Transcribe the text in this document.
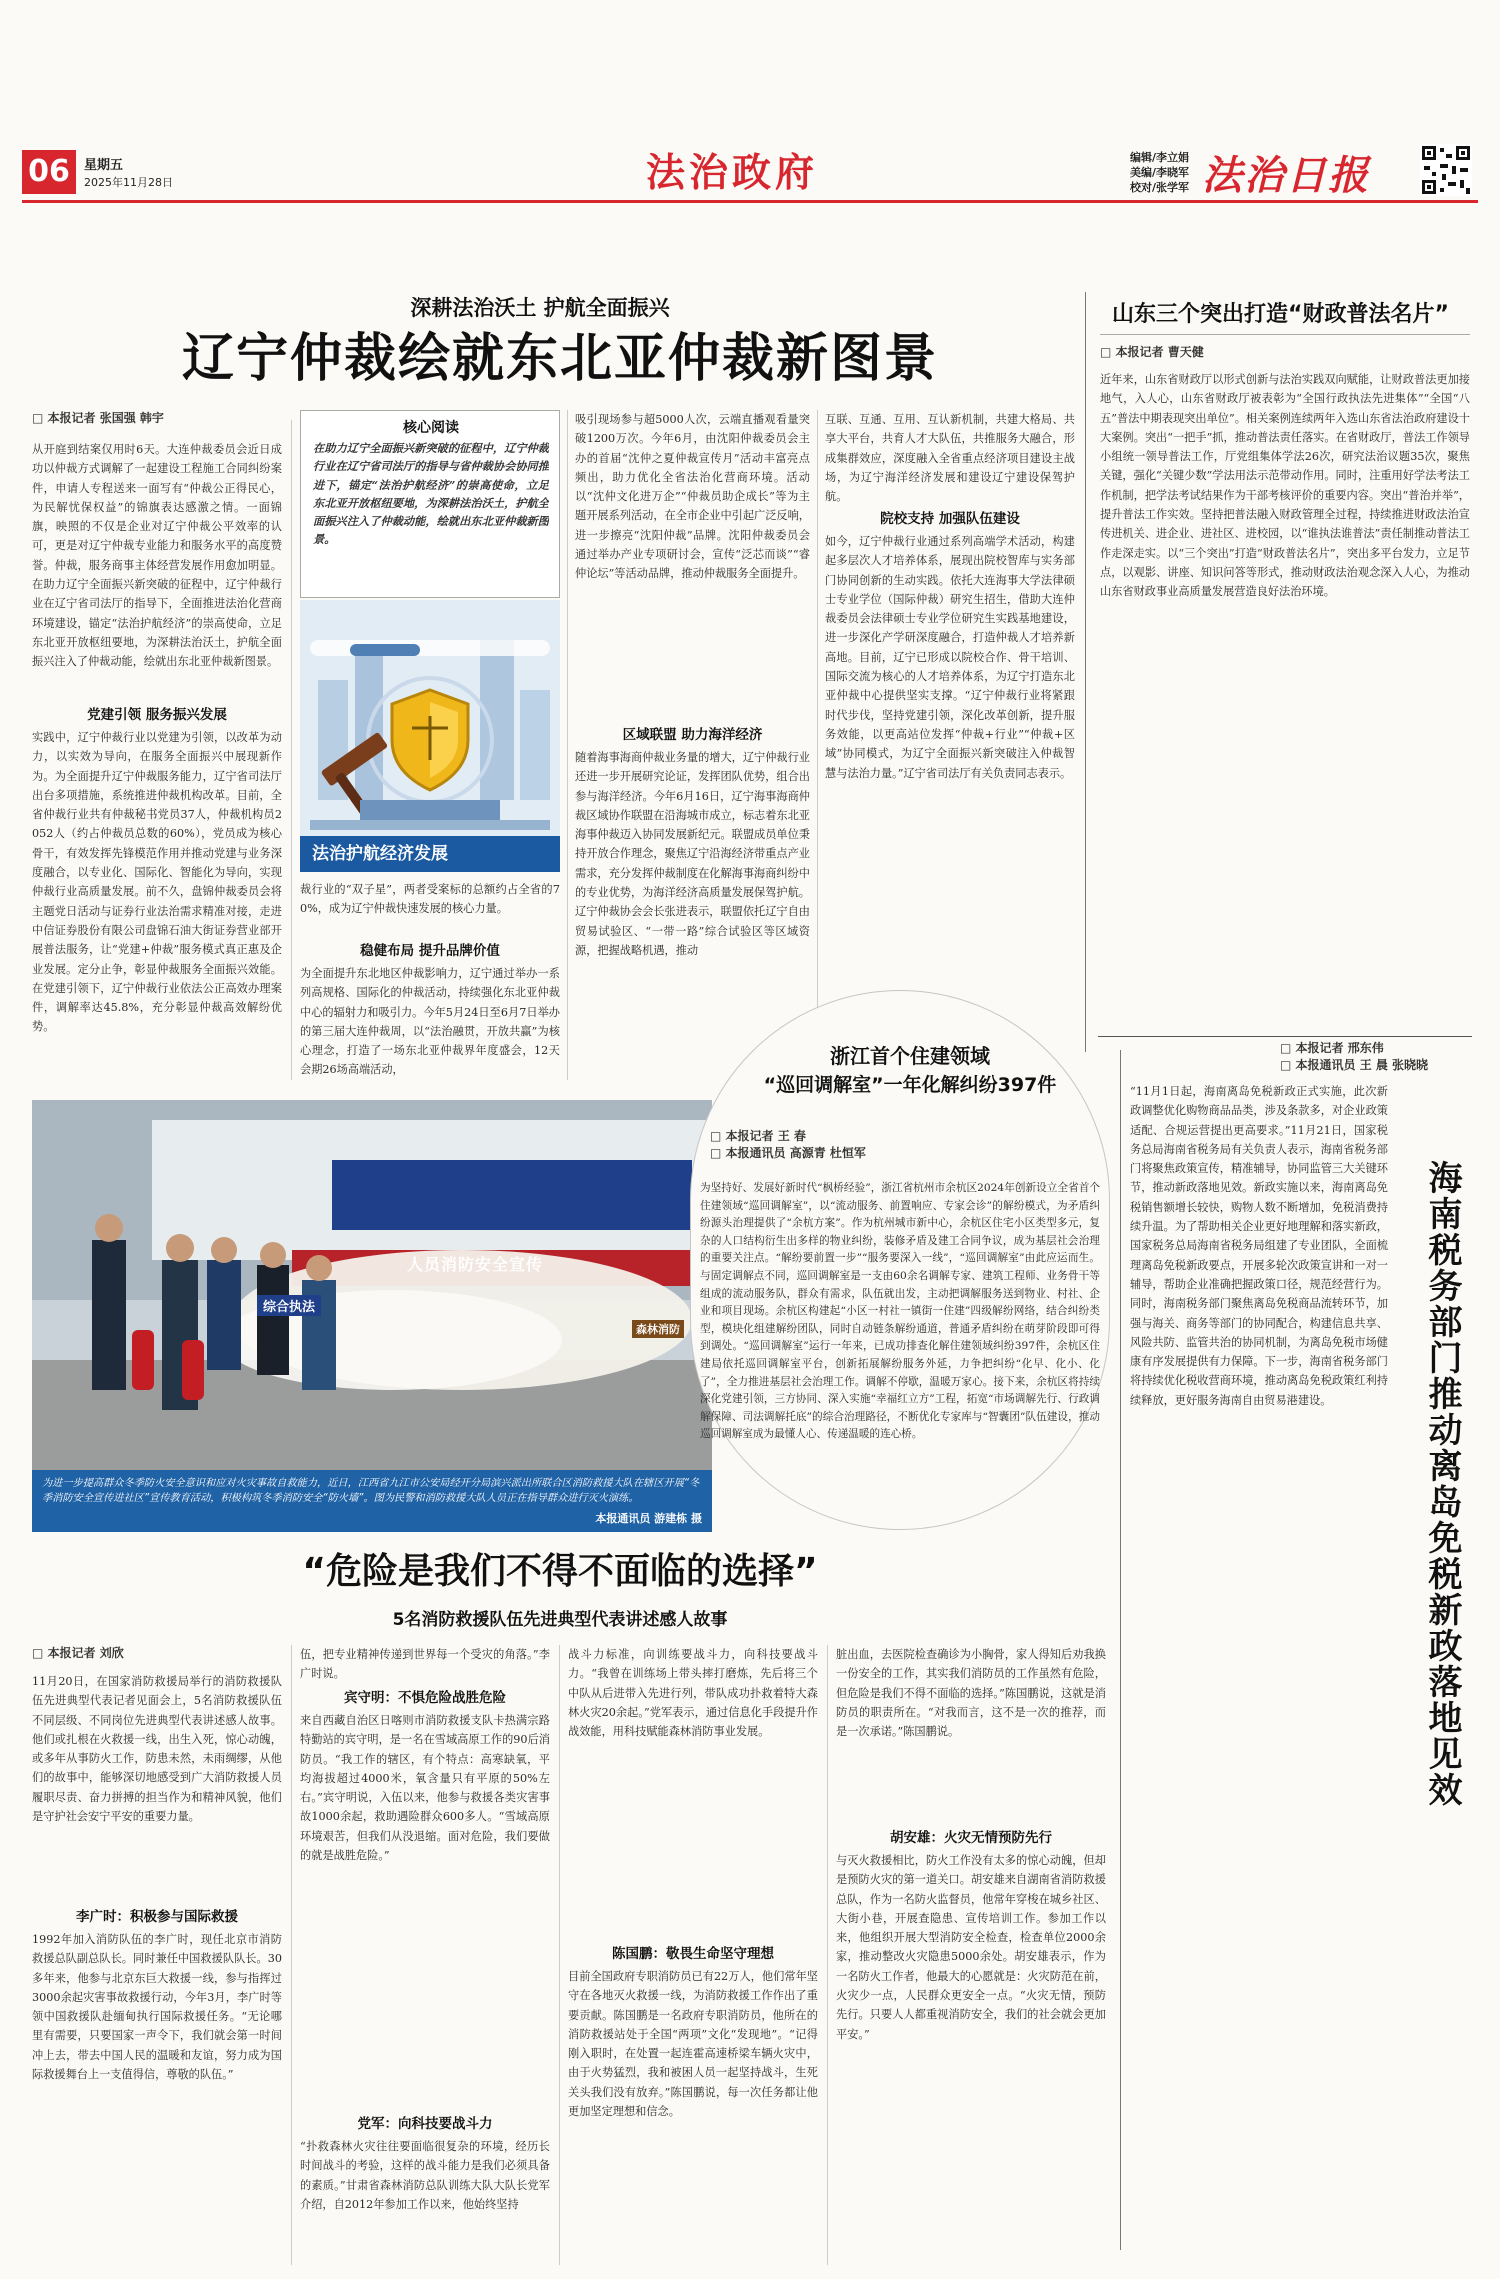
06	星期五
2025年11月28日	法治政府	编辑/李立娟
美编/李晓军
校对/张学军 法治日报
深耕法治沃土 护航全面振兴
辽宁仲裁绘就东北亚仲裁新图景
□ 本报记者 张国强 韩宇
从开庭到结案仅用时6天。大连仲裁委员会近日成功以仲裁方式调解了一起建设工程施工合同纠纷案件，申请人专程送来一面写有“仲裁公正得民心，为民解忧保权益”的锦旗表达感激之情。一面锦旗，映照的不仅是企业对辽宁仲裁公平效率的认可，更是对辽宁仲裁专业能力和服务水平的高度赞誉。仲裁，服务商事主体经营发展作用愈加明显。在助力辽宁全面振兴新突破的征程中，辽宁仲裁行业在辽宁省司法厅的指导下，全面推进法治化营商环境建设，锚定“法治护航经济”的崇高使命，立足东北亚开放枢纽要地，为深耕法治沃土，护航全面振兴注入了仲裁动能，绘就出东北亚仲裁新图景。
党建引领 服务振兴发展
实践中，辽宁仲裁行业以党建为引领，以改革为动力，以实效为导向，在服务全面振兴中展现新作为。为全面提升辽宁仲裁服务能力，辽宁省司法厅出台多项措施，系统推进仲裁机构改革。目前，全省仲裁行业共有仲裁秘书党员37人，仲裁机构员2052人（约占仲裁员总数的60%），党员成为核心骨干，有效发挥先锋模范作用并推动党建与业务深度融合，以专业化、国际化、智能化为导向，实现仲裁行业高质量发展。前不久，盘锦仲裁委员会将主题党日活动与证券行业法治需求精准对接，走进中信证券股份有限公司盘锦石油大街证券营业部开展普法服务，让“党建+仲裁”服务模式真正惠及企业发展。定分止争，彰显仲裁服务全面振兴效能。在党建引领下，辽宁仲裁行业依法公正高效办理案件，调解率达45.8%，充分彰显仲裁高效解纷优势。
核心阅读
在助力辽宁全面振兴新突破的征程中，辽宁仲裁行业在辽宁省司法厅的指导与省仲裁协会协同推进下，锚定“法治护航经济”的崇高使命，立足东北亚开放枢纽要地，为深耕法治沃土，护航全面振兴注入了仲裁动能，绘就出东北亚仲裁新图景。
法治护航经济发展
裁行业的“双子星”，两者受案标的总额约占全省的70%，成为辽宁仲裁快速发展的核心力量。
稳健布局 提升品牌价值
为全面提升东北地区仲裁影响力，辽宁通过举办一系列高规格、国际化的仲裁活动，持续强化东北亚仲裁中心的辐射力和吸引力。今年5月24日至6月7日举办的第三届大连仲裁周，以“法治融贯，开放共赢”为核心理念，打造了一场东北亚仲裁界年度盛会，12天会期26场高端活动，
吸引现场参与超5000人次，云端直播观看量突破1200万次。今年6月，由沈阳仲裁委员会主办的首届“沈仲之夏仲裁宣传月”活动丰富亮点频出，助力优化全省法治化营商环境。活动以“沈仲文化进万企”“仲裁员助企成长”等为主题开展系列活动，在全市企业中引起广泛反响，进一步擦亮“沈阳仲裁”品牌。沈阳仲裁委员会通过举办产业专项研讨会，宣传“泛芯而谈”“睿仲论坛”等活动品牌，推动仲裁服务全面提升。
区域联盟 助力海洋经济
随着海事海商仲裁业务量的增大，辽宁仲裁行业还进一步开展研究论证，发挥团队优势，组合出参与海洋经济。今年6月16日，辽宁海事海商仲裁区域协作联盟在沿海城市成立，标志着东北亚海事仲裁迈入协同发展新纪元。联盟成员单位秉持开放合作理念，聚焦辽宁沿海经济带重点产业需求，充分发挥仲裁制度在化解海事海商纠纷中的专业优势，为海洋经济高质量发展保驾护航。辽宁仲裁协会会长张进表示，联盟依托辽宁自由贸易试验区、“一带一路”综合试验区等区域资源，把握战略机遇，推动
互联、互通、互用、互认新机制，共建大格局、共享大平台，共育人才大队伍，共推服务大融合，形成集群效应，深度融入全省重点经济项目建设主战场，为辽宁海洋经济发展和建设辽宁建设保驾护航。
院校支持 加强队伍建设
如今，辽宁仲裁行业通过系列高端学术活动，构建起多层次人才培养体系，展现出院校智库与实务部门协同创新的生动实践。依托大连海事大学法律硕士专业学位（国际仲裁）研究生招生，借助大连仲裁委员会法律硕士专业学位研究生实践基地建设，进一步深化产学研深度融合，打造仲裁人才培养新高地。目前，辽宁已形成以院校合作、骨干培训、国际交流为核心的人才培养体系，为辽宁打造东北亚仲裁中心提供坚实支撑。“辽宁仲裁行业将紧跟时代步伐，坚持党建引领，深化改革创新，提升服务效能，以更高站位发挥“仲裁+行业”“仲裁+区域”协同模式，为辽宁全面振兴新突破注入仲裁智慧与法治力量。”辽宁省司法厅有关负责同志表示。
山东三个突出打造“财政普法名片”
□ 本报记者 曹天健
近年来，山东省财政厅以形式创新与法治实践双向赋能，让财政普法更加接地气，入人心，山东省财政厅被表彰为“全国行政执法先进集体”“全国“八五”普法中期表现突出单位”。相关案例连续两年入选山东省法治政府建设十大案例。突出“一把手”抓，推动普法责任落实。在省财政厅，普法工作领导小组统一领导普法工作，厅党组集体学法26次，研究法治议题35次，聚焦关键，强化“关键少数”学法用法示范带动作用。同时，注重用好学法考法工作机制，把学法考试结果作为干部考核评价的重要内容。突出“普治并举”，提升普法工作实效。坚持把普法融入财政管理全过程，持续推进财政法治宣传进机关、进企业、进社区、进校园，以“谁执法谁普法”责任制推动普法工作走深走实。以“三个突出”打造“财政普法名片”，突出多平台发力，立足节点，以观影、讲座、知识问答等形式，推动财政法治观念深入人心，为推动山东省财政事业高质量发展营造良好法治环境。
综合执法
人员消防安全宣传
森林消防
为进一步提高群众冬季防火安全意识和应对火灾事故自救能力，近日，江西省九江市公安局经开分局滨兴派出所联合区消防救援大队在辖区开展“冬季消防安全宣传进社区”宣传教育活动，积极构筑冬季消防安全“防火墙”。图为民警和消防救援大队人员正在指导群众进行灭火演练。
本报通讯员 游建栋 摄
浙江首个住建领域
“巡回调解室”一年化解纠纷397件
□ 本报记者 王 春
□ 本报通讯员 高源青 杜恒军
为坚持好、发展好新时代“枫桥经验”，浙江省杭州市余杭区2024年创新设立全省首个住建领域“巡回调解室”，以“流动服务、前置响应、专家会诊”的解纷模式，为矛盾纠纷源头治理提供了“余杭方案”。作为杭州城市新中心，余杭区住宅小区类型多元，复杂的人口结构衍生出多样的物业纠纷，装修矛盾及建工合同争议，成为基层社会治理的重要关注点。“解纷要前置一步”“服务要深入一线”，“巡回调解室”由此应运而生。与固定调解点不同，巡回调解室是一支由60余名调解专家、建筑工程师、业务骨干等组成的流动服务队，群众有需求，队伍就出发，主动把调解服务送到物业、村社、企业和项目现场。余杭区构建起“小区一村社一镇街一住建”四级解纷网络，结合纠纷类型，模块化组建解纷团队，同时自动链条解纷通道，普通矛盾纠纷在萌芽阶段即可得到调处。“巡回调解室”运行一年来，已成功排查化解住建领域纠纷397件，余杭区住建局依托巡回调解室平台，创新拓展解纷服务外延，力争把纠纷“化早、化小、化了”，全力推进基层社会治理工作。调解不停歇，温暖万家心。接下来，余杭区将持续深化党建引领，三方协同、深入实施“幸福红立方”工程，拓宽“市场调解先行、行政调解保障、司法调解托底”的综合治理路径，不断优化专家库与“智囊团”队伍建设，推动巡回调解室成为最懂人心、传递温暖的连心桥。
□ 本报记者 邢东伟
□ 本报通讯员 王 晨 张晓晓
海南税务部门推动离岛免税新政落地见效
“11月1日起，海南离岛免税新政正式实施，此次新政调整优化购物商品品类，涉及条款多，对企业政策适配、合规运营提出更高要求。”11月21日，国家税务总局海南省税务局有关负责人表示，海南省税务部门将聚焦政策宣传，精准辅导，协同监管三大关键环节，推动新政落地见效。新政实施以来，海南离岛免税销售额增长较快，购物人数不断增加，免税消费持续升温。为了帮助相关企业更好地理解和落实新政，国家税务总局海南省税务局组建了专业团队，全面梳理离岛免税新政要点，开展多轮次政策宣讲和一对一辅导，帮助企业准确把握政策口径，规范经营行为。同时，海南税务部门聚焦离岛免税商品流转环节，加强与海关、商务等部门的协同配合，构建信息共享、风险共防、监管共治的协同机制，为离岛免税市场健康有序发展提供有力保障。下一步，海南省税务部门将持续优化税收营商环境，推动离岛免税政策红利持续释放，更好服务海南自由贸易港建设。
“危险是我们不得不面临的选择”
5名消防救援队伍先进典型代表讲述感人故事
□ 本报记者 刘欣
11月20日，在国家消防救援局举行的消防救援队伍先进典型代表记者见面会上，5名消防救援队伍不同层级、不同岗位先进典型代表讲述感人故事。他们或扎根在火救援一线，出生入死，惊心动魄，或多年从事防火工作，防患未然，未雨绸缪，从他们的故事中，能够深切地感受到广大消防救援人员履职尽责、奋力拼搏的担当作为和精神风貌，他们是守护社会安宁平安的重要力量。
李广时：积极参与国际救援
1992年加入消防队伍的李广时，现任北京市消防救援总队副总队长。同时兼任中国救援队队长。30多年来，他参与北京东巨大救援一线，参与指挥过3000余起灾害事故救援行动，今年3月，李广时等领中国救援队赴缅甸执行国际救援任务。“无论哪里有需要，只要国家一声令下，我们就会第一时间冲上去，带去中国人民的温暖和友谊，努力成为国际救援舞台上一支值得信，尊敬的队伍。”
伍，把专业精神传递到世界每一个受灾的角落。”李广时说。
宾守明：不惧危险战胜危险
来自西藏自治区日喀则市消防救援支队卡热满宗路特勤站的宾守明，是一名在雪域高原工作的90后消防员。“我工作的辖区，有个特点：高寒缺氧，平均海拔超过4000米，氧含量只有平原的50%左右。”宾守明说，入伍以来，他参与救援各类灾害事故1000余起，救助遇险群众600多人。“雪域高原环境艰苦，但我们从没退缩。面对危险，我们要做的就是战胜危险。”
党军：向科技要战斗力
“扑救森林火灾往往要面临很复杂的环境，经历长时间战斗的考验，这样的战斗能力是我们必须具备的素质。”甘肃省森林消防总队训练大队大队长党军介绍，自2012年参加工作以来，他始终坚持
战斗力标准，向训练要战斗力，向科技要战斗力。“我曾在训练场上带头摔打磨炼，先后将三个中队从后进带入先进行列，带队成功扑救着特大森林火灾20余起。”党军表示，通过信息化手段提升作战效能，用科技赋能森林消防事业发展。
陈国鹏：敬畏生命坚守理想
目前全国政府专职消防员已有22万人，他们常年坚守在各地灭火救援一线，为消防救援工作作出了重要贡献。陈国鹏是一名政府专职消防员，他所在的消防救援站处于全国“两项”文化“发现地”。“记得刚入职时，在处置一起连霍高速桥梁车辆火灾中，由于火势猛烈，我和被困人员一起坚持战斗，生死关头我们没有放弃。”陈国鹏说，每一次任务都让他更加坚定理想和信念。
脏出血，去医院检查确诊为小胸骨，家人得知后劝我换一份安全的工作，其实我们消防员的工作虽然有危险，但危险是我们不得不面临的选择。”陈国鹏说，这就是消防员的职责所在。“对我而言，这不是一次的推荐，而是一次承诺。”陈国鹏说。
胡安雄：火灾无情预防先行
与灭火救援相比，防火工作没有太多的惊心动魄，但却是预防火灾的第一道关口。胡安雄来自湖南省消防救援总队，作为一名防火监督员，他常年穿梭在城乡社区、大街小巷，开展查隐患、宣传培训工作。参加工作以来，他组织开展大型消防安全检查，检查单位2000余家，推动整改火灾隐患5000余处。胡安雄表示，作为一名防火工作者，他最大的心愿就是：火灾防范在前，火灾少一点，人民群众更安全一点。“火灾无情，预防先行。只要人人都重视消防安全，我们的社会就会更加平安。”
